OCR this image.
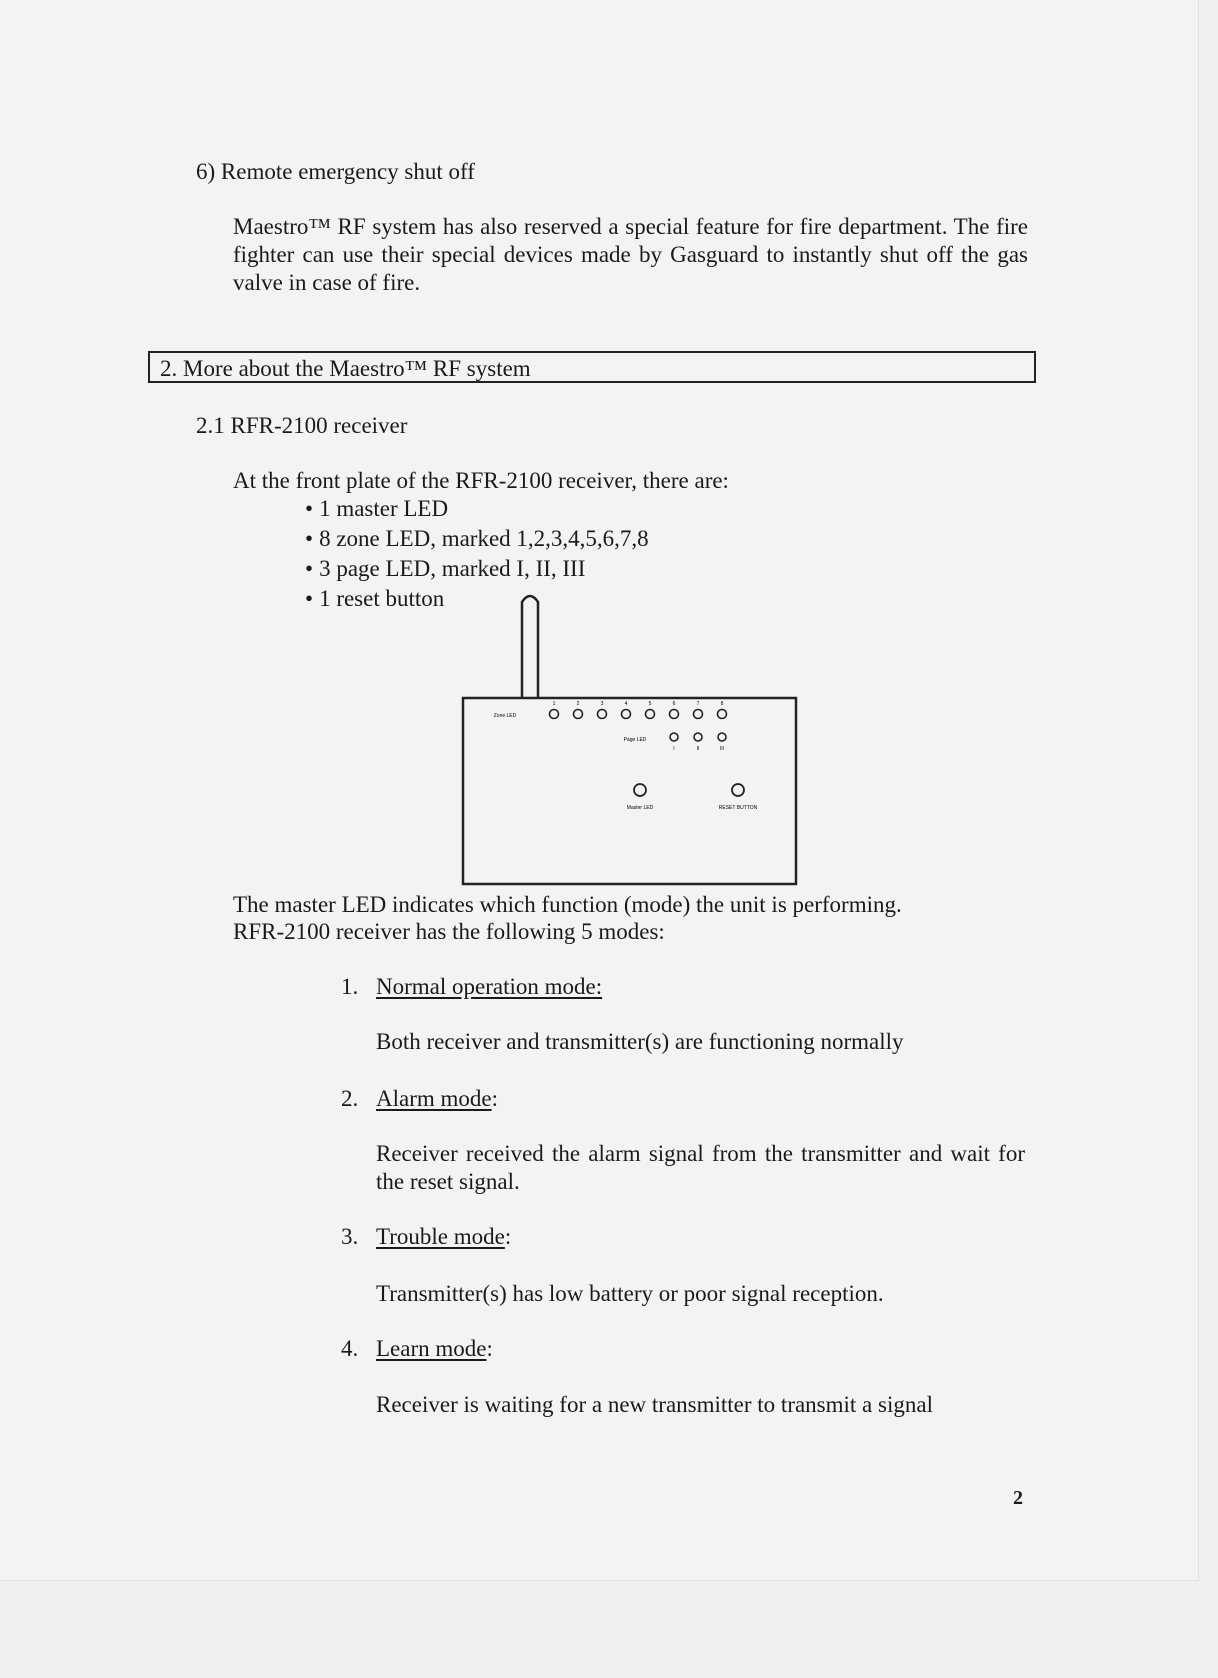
6) Remote emergency shut off
Maestro™ RF system has also reserved a special feature for fire department. The fire fighter can use their special devices made by Gasguard to instantly shut off the gas valve in case of fire.
2. More about the Maestro™ RF system
2.1 RFR-2100 receiver
At the front plate of the RFR-2100 receiver, there are:
• 1 master LED
• 8 zone LED, marked 1,2,3,4,5,6,7,8
• 3 page LED, marked I, II, III
• 1 reset button
Zone LED
1	2	3	4	5	6	7	8
Page LED
I	II	III
Master LED	RESET BUTTON
The master LED indicates which function (mode) the unit is performing.
RFR-2100 receiver has the following 5 modes:
1. Normal operation mode:
Both receiver and transmitter(s) are functioning normally
2. Alarm mode:
Receiver received the alarm signal from the transmitter and wait for the reset signal.
3. Trouble mode:
Transmitter(s) has low battery or poor signal reception.
4. Learn mode:
Receiver is waiting for a new transmitter to transmit a signal
2
